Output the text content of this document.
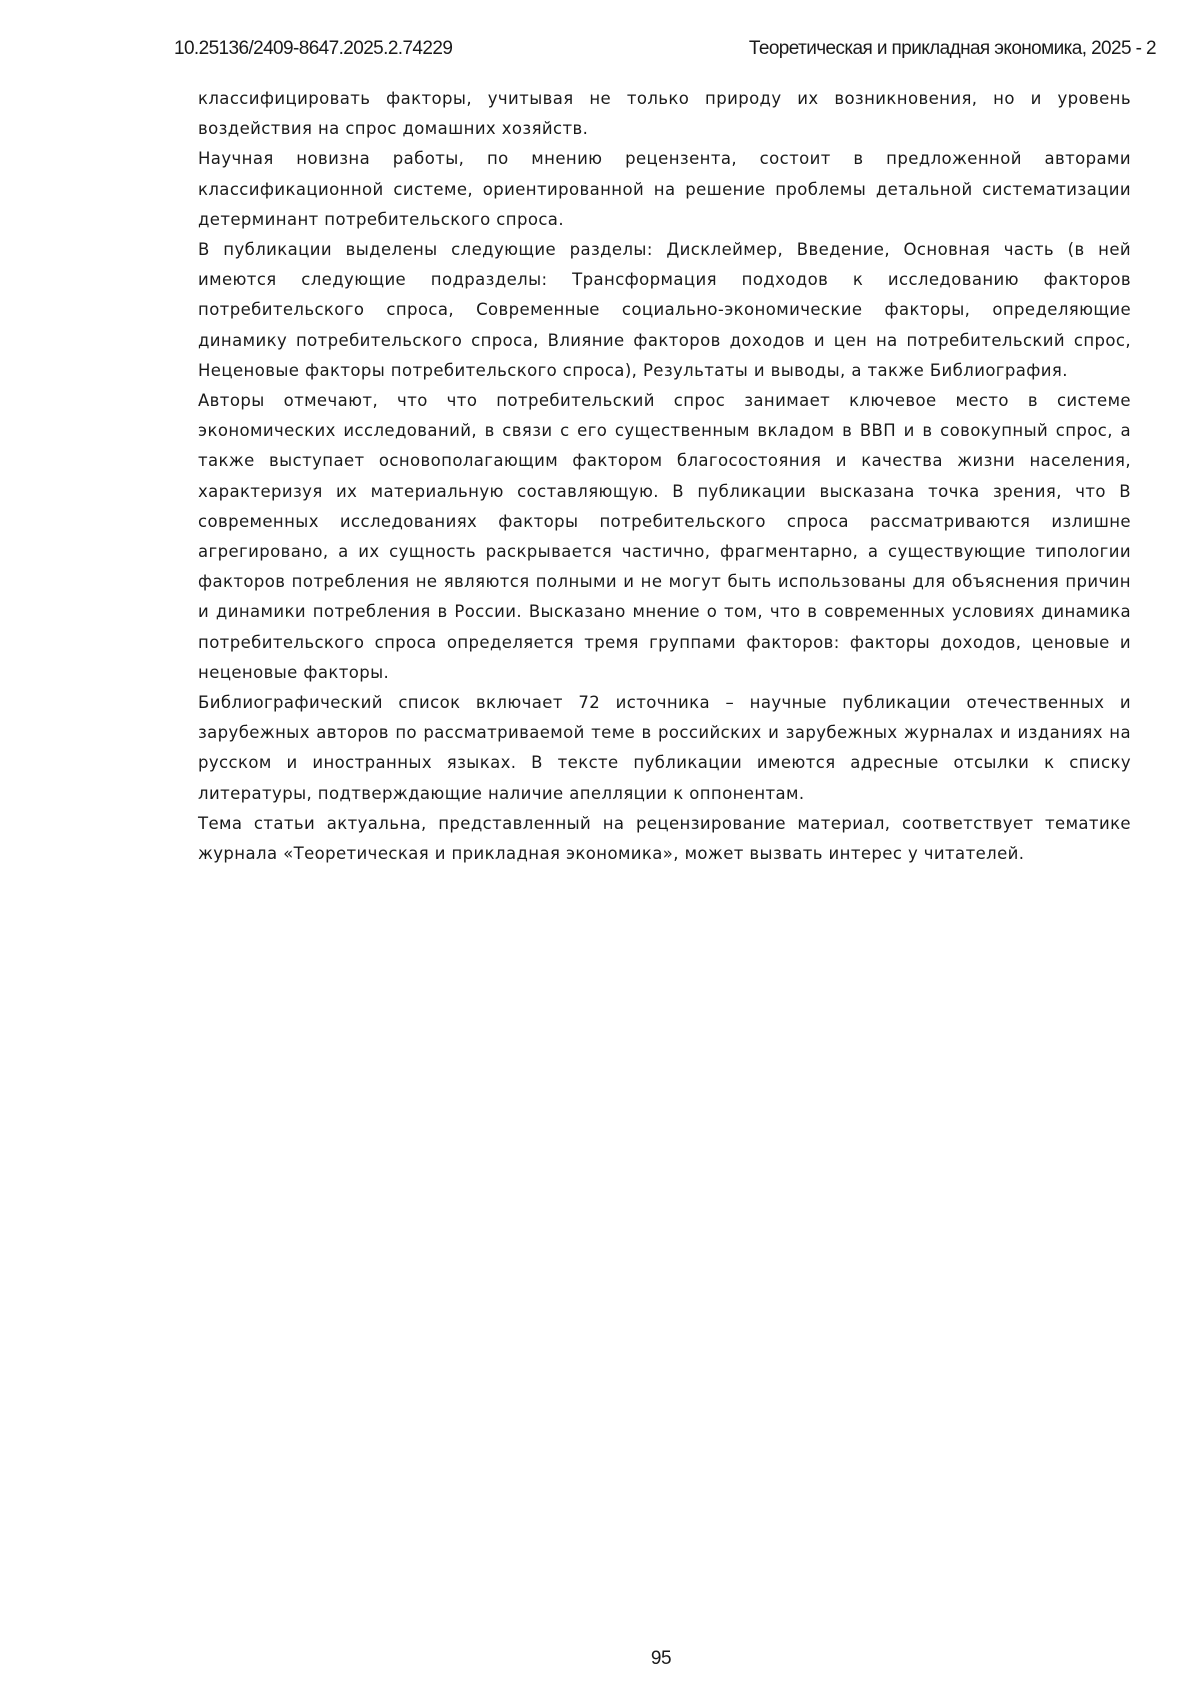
10.25136/2409-8647.2025.2.74229	Теоретическая и прикладная экономика, 2025 - 2

классифицировать факторы, учитывая не только природу их возникновения, но и уровень воздействия на спрос домашних хозяйств.

Научная новизна работы, по мнению рецензента, состоит в предложенной авторами классификационной системе, ориентированной на решение проблемы детальной систематизации детерминант потребительского спроса.

В публикации выделены следующие разделы: Дисклеймер, Введение, Основная часть (в ней имеются следующие подразделы: Трансформация подходов к исследованию факторов потребительского спроса, Современные социально-экономические факторы, определяющие динамику потребительского спроса, Влияние факторов доходов и цен на потребительский спрос, Неценовые факторы потребительского спроса), Результаты и выводы, а также Библиография.

Авторы отмечают, что что потребительский спрос занимает ключевое место в системе экономических исследований, в связи с его существенным вкладом в ВВП и в совокупный спрос, а также выступает основополагающим фактором благосостояния и качества жизни населения, характеризуя их материальную составляющую. В публикации высказана точка зрения, что В современных исследованиях факторы потребительского спроса рассматриваются излишне агрегировано, а их сущность раскрывается частично, фрагментарно, а существующие типологии факторов потребления не являются полными и не могут быть использованы для объяснения причин и динамики потребления в России. Высказано мнение о том, что в современных условиях динамика потребительского спроса определяется тремя группами факторов: факторы доходов, ценовые и неценовые факторы.

Библиографический список включает 72 источника – научные публикации отечественных и зарубежных авторов по рассматриваемой теме в российских и зарубежных журналах и изданиях на русском и иностранных языках. В тексте публикации имеются адресные отсылки к списку литературы, подтверждающие наличие апелляции к оппонентам.

Тема статьи актуальна, представленный на рецензирование материал, соответствует тематике журнала «Теоретическая и прикладная экономика», может вызвать интерес у читателей.

95
